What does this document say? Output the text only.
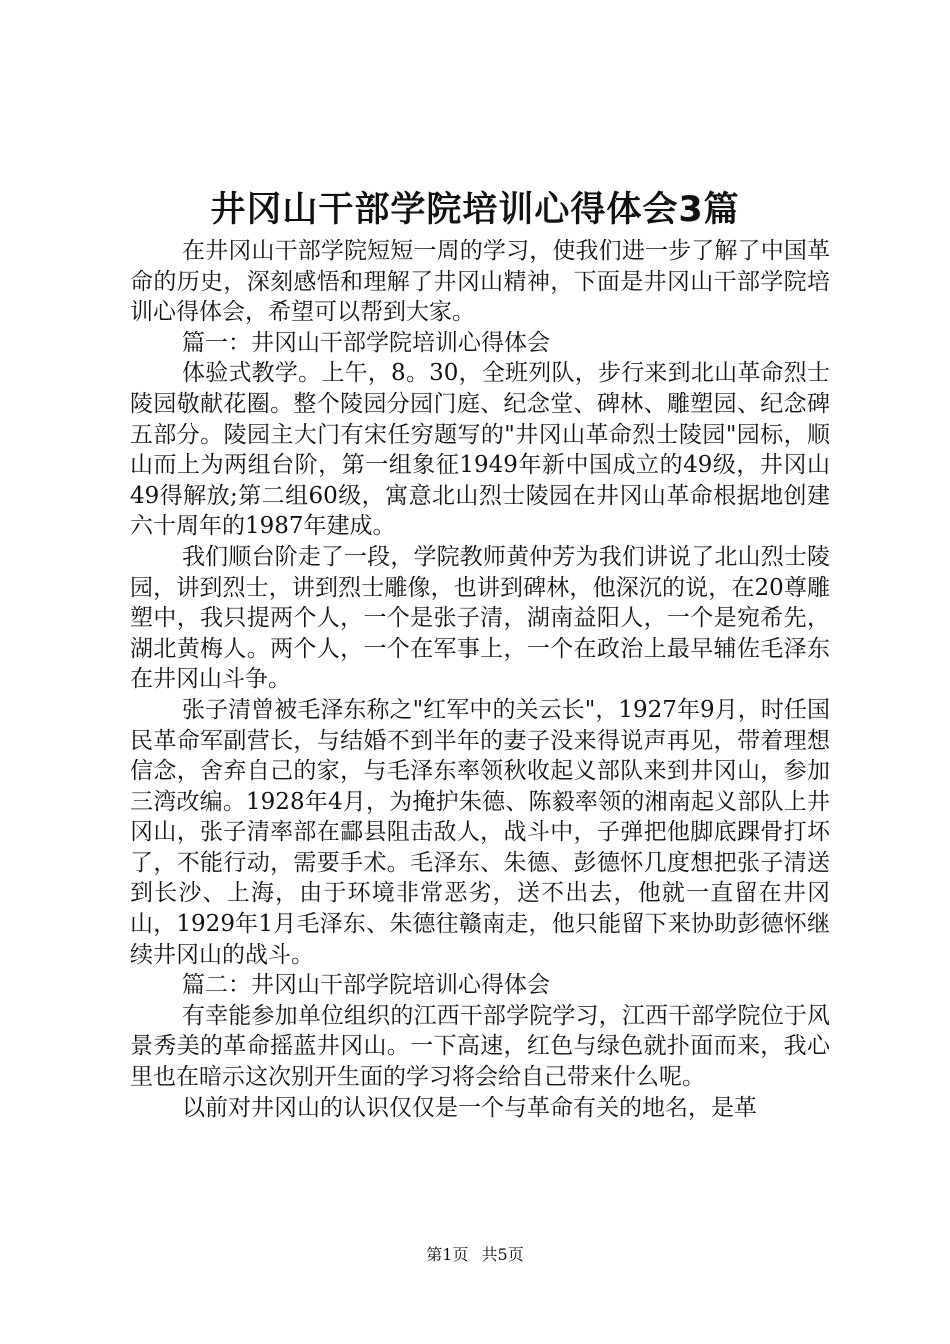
井冈山干部学院培训心得体会3篇

在井冈山干部学院短短一周的学习，使我们进一步了解了中国革命的历史，深刻感悟和理解了井冈山精神，下面是井冈山干部学院培训心得体会，希望可以帮到大家。

篇一：井冈山干部学院培训心得体会

体验式教学。上午，8。30，全班列队，步行来到北山革命烈士陵园敬献花圈。整个陵园分园门庭、纪念堂、碑林、雕塑园、纪念碑五部分。陵园主大门有宋任穷题写的"井冈山革命烈士陵园"园标，顺山而上为两组台阶，第一组象征1949年新中国成立的49级，井冈山49得解放;第二组60级，寓意北山烈士陵园在井冈山革命根据地创建六十周年的1987年建成。

我们顺台阶走了一段，学院教师黄仲芳为我们讲说了北山烈士陵园，讲到烈士，讲到烈士雕像，也讲到碑林，他深沉的说，在20尊雕塑中，我只提两个人，一个是张子清，湖南益阳人，一个是宛希先，湖北黄梅人。两个人，一个在军事上，一个在政治上最早辅佐毛泽东在井冈山斗争。

张子清曾被毛泽东称之"红军中的关云长"，1927年9月，时任国民革命军副营长，与结婚不到半年的妻子没来得说声再见，带着理想信念，舍弃自己的家，与毛泽东率领秋收起义部队来到井冈山，参加三湾改编。1928年4月，为掩护朱德、陈毅率领的湘南起义部队上井冈山，张子清率部在酃县阻击敌人，战斗中，子弹把他脚底踝骨打坏了，不能行动，需要手术。毛泽东、朱德、彭德怀几度想把张子清送到长沙、上海，由于环境非常恶劣，送不出去，他就一直留在井冈山，1929年1月毛泽东、朱德往赣南走，他只能留下来协助彭德怀继续井冈山的战斗。

篇二：井冈山干部学院培训心得体会

有幸能参加单位组织的江西干部学院学习，江西干部学院位于风景秀美的革命摇蓝井冈山。一下高速，红色与绿色就扑面而来，我心里也在暗示这次别开生面的学习将会给自己带来什么呢。

以前对井冈山的认识仅仅是一个与革命有关的地名，是革

第1页 共5页
